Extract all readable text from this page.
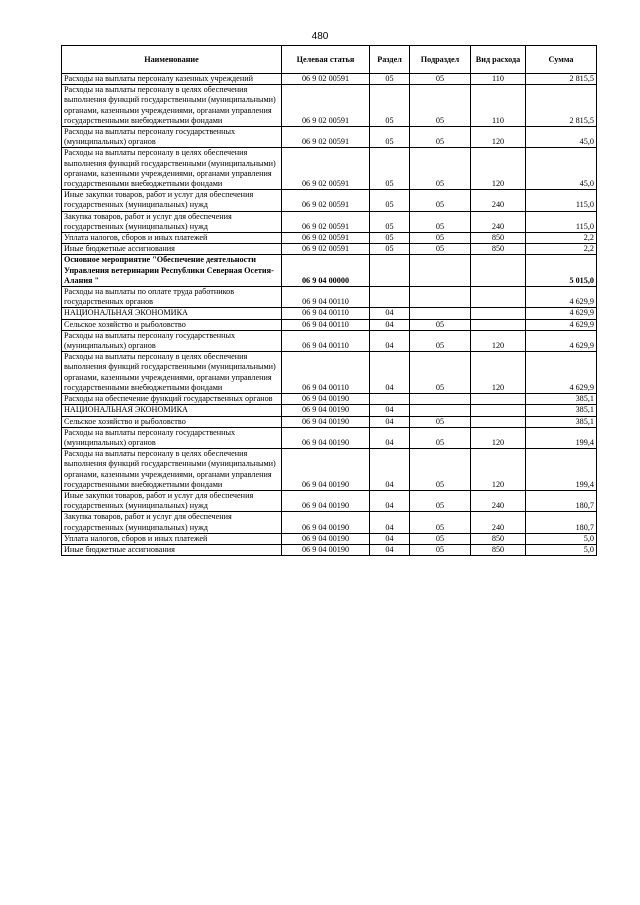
480
Наименование	Целевая статья	Раздел	Подраздел	Вид расхода	Сумма
Расходы на выплаты персоналу казенных учреждений	06 9 02 00591	05	05	110	2 815,5
Расходы на выплаты персоналу в целях обеспечения выполнения функций государственными (муниципальными) органами, казенными учреждениями, органами управления государственными внебюджетными фондами	06 9 02 00591	05	05	110	2 815,5
Расходы на выплаты персоналу государственных (муниципальных) органов	06 9 02 00591	05	05	120	45,0
Расходы на выплаты персоналу в целях обеспечения выполнения функций государственными (муниципальными) органами, казенными учреждениями, органами управления государственными внебюджетными фондами	06 9 02 00591	05	05	120	45,0
Иные закупки товаров, работ и услуг для обеспечения государственных (муниципальных) нужд	06 9 02 00591	05	05	240	115,0
Закупка товаров, работ и услуг для обеспечения государственных (муниципальных) нужд	06 9 02 00591	05	05	240	115,0
Уплата налогов, сборов и иных платежей	06 9 02 00591	05	05	850	2,2
Иные бюджетные ассигнования	06 9 02 00591	05	05	850	2,2
Основное мероприятие "Обеспечение деятельности Управления ветеринарии Республики Северная Осетия-Алания "	06 9 04 00000				5 015,0
Расходы на выплаты по оплате труда работников государственных органов	06 9 04 00110				4 629,9
НАЦИОНАЛЬНАЯ ЭКОНОМИКА	06 9 04 00110	04			4 629,9
Сельское хозяйство и рыболовство	06 9 04 00110	04	05		4 629,9
Расходы на выплаты персоналу государственных (муниципальных) органов	06 9 04 00110	04	05	120	4 629,9
Расходы на выплаты персоналу в целях обеспечения выполнения функций государственными (муниципальными) органами, казенными учреждениями, органами управления государственными внебюджетными фондами	06 9 04 00110	04	05	120	4 629,9
Расходы на обеспечение функций государственных органов	06 9 04 00190				385,1
НАЦИОНАЛЬНАЯ ЭКОНОМИКА	06 9 04 00190	04			385,1
Сельское хозяйство и рыболовство	06 9 04 00190	04	05		385,1
Расходы на выплаты персоналу государственных (муниципальных) органов	06 9 04 00190	04	05	120	199,4
Расходы на выплаты персоналу в целях обеспечения выполнения функций государственными (муниципальными) органами, казенными учреждениями, органами управления государственными внебюджетными фондами	06 9 04 00190	04	05	120	199,4
Иные закупки товаров, работ и услуг для обеспечения государственных (муниципальных) нужд	06 9 04 00190	04	05	240	180,7
Закупка товаров, работ и услуг для обеспечения государственных (муниципальных) нужд	06 9 04 00190	04	05	240	180,7
Уплата налогов, сборов и иных платежей	06 9 04 00190	04	05	850	5,0
Иные бюджетные ассигнования	06 9 04 00190	04	05	850	5,0
